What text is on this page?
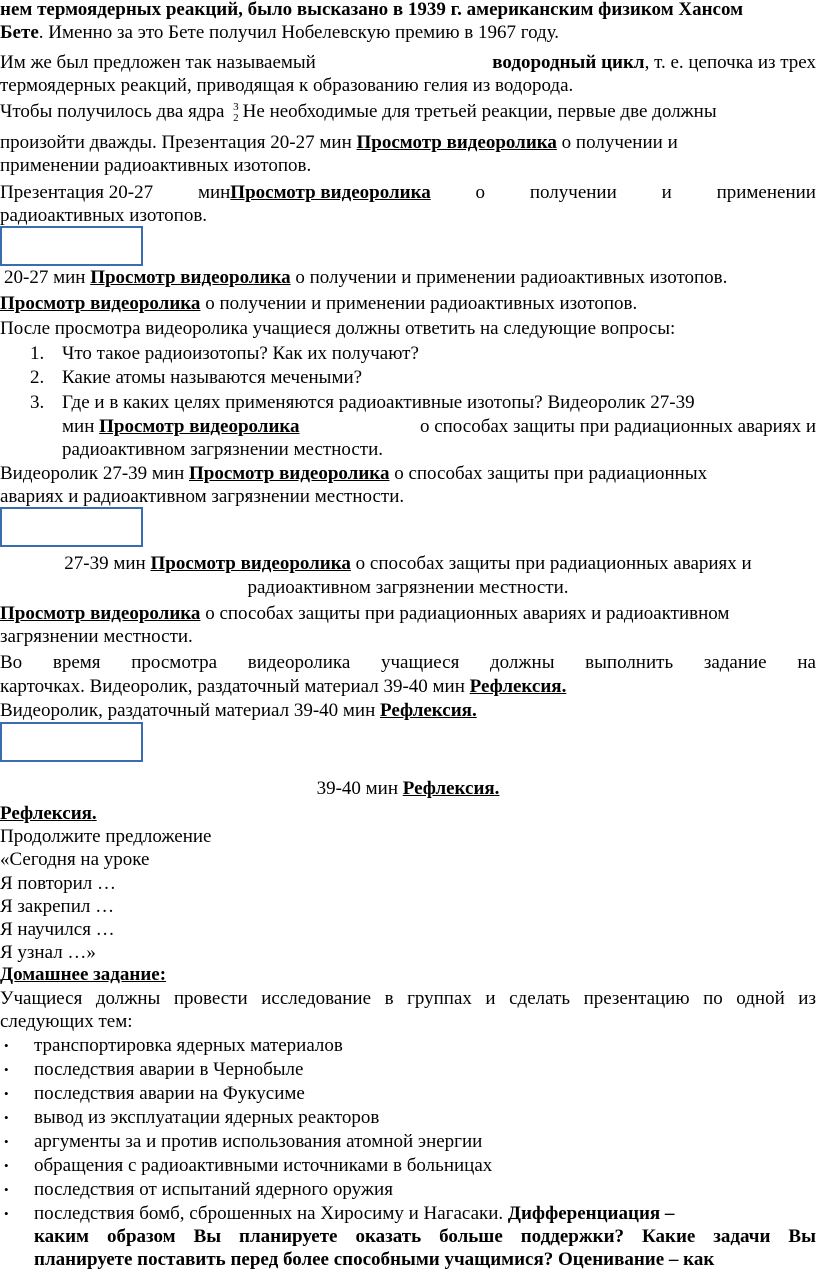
нем термоядерных реакций, было высказано в 1939 г. американским физиком Хансом
Бете. Именно за это Бете получил Нобелевскую премию в 1967 году.
Им же был предложен так называемый	водородный цикл, т. е. цепочка из трех
термоядерных реакций, приводящая к образованию гелия из водорода.
Чтобы получилось два ядра 3
2 Не необходимые для третьей реакции, первые две должны
произойти дважды. Презентация 20-27 мин Просмотр видеоролика о получении и
применении радиоактивных изотопов.
Презентация 20-27 минПросмотр видеоролика о получении и применении
радиоактивных изотопов.
20-27 мин Просмотр видеоролика о получении и применении радиоактивных изотопов.
Просмотр видеоролика о получении и применении радиоактивных изотопов.
После просмотра видеоролика учащиеся должны ответить на следующие вопросы:
1. Что такое радиоизотопы? Как их получают?
2. Какие атомы называются мечеными?
3. Где и в каких целях применяются радиоактивные изотопы? Видеоролик 27-39
мин Просмотр видеоролика	о способах защиты при радиационных авариях и
радиоактивном загрязнении местности.
Видеоролик 27-39 мин Просмотр видеоролика о способах защиты при радиационных
авариях и радиоактивном загрязнении местности.
27-39 мин Просмотр видеоролика о способах защиты при радиационных авариях и
радиоактивном загрязнении местности.
Просмотр видеоролика о способах защиты при радиационных авариях и радиоактивном
загрязнении местности.
Во время просмотра видеоролика учащиеся должны выполнить задание на
карточках. Видеоролик, раздаточный материал 39-40 мин Рефлексия.
Видеоролик, раздаточный материал 39-40 мин Рефлексия.
39-40 мин Рефлексия.
Рефлексия.
Продолжите предложение
«Сегодня на уроке
Я повторил …
Я закрепил …
Я научился …
Я узнал …»
Домашнее задание:
Учащиеся должны провести исследование в группах и сделать презентацию по одной из
следующих тем:
• транспортировка ядерных материалов
• последствия аварии в Чернобыле
• последствия аварии на Фукусиме
• вывод из эксплуатации ядерных реакторов
• аргументы за и против использования атомной энергии
• обращения с радиоактивными источниками в больницах
• последствия от испытаний ядерного оружия
• последствия бомб, сброшенных на Хиросиму и Нагасаки. Дифференциация –
каким образом Вы планируете оказать больше поддержки? Какие задачи Вы
планируете поставить перед более способными учащимися? Оценивание – как
